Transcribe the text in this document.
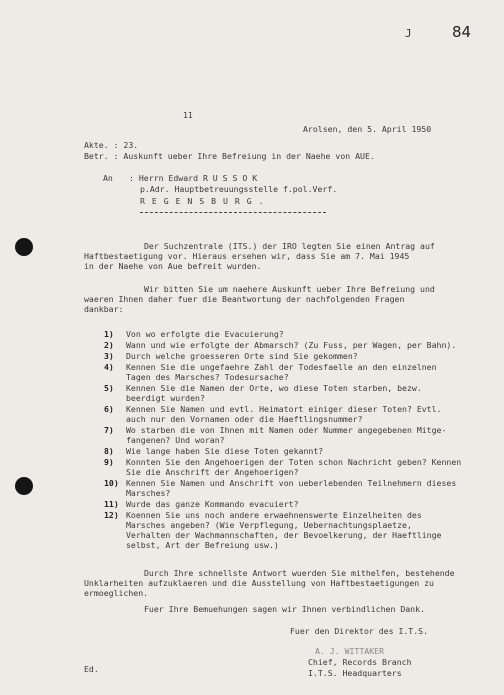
J	84
11
Arolsen, den 5. April 1950
Akte. : 23.
Betr. : Auskunft ueber Ihre Befreiung in der Naehe von AUE.
An : Herrn Edward R U S S O K
p.Adr. Hauptbetreuungsstelle f.pol.Verf.
R E G E N S B U R G .
Der Suchzentrale (ITS.) der IRO legten Sie einen Antrag auf
Haftbestaetigung vor. Hieraus ersehen wir, dass Sie am 7. Mai 1945
in der Naehe von Aue befreit wurden.
Wir bitten Sie um naehere Auskunft ueber Ihre Befreiung und
waeren Ihnen daher fuer die Beantwortung der nachfolgenden Fragen
dankbar:
1) Von wo erfolgte die Evacuierung?
2) Wann und wie erfolgte der Abmarsch? (Zu Fuss, per Wagen, per Bahn).
3) Durch welche groesseren Orte sind Sie gekommen?
4) Kennen Sie die ungefaehre Zahl der Todesfaelle an den einzelnen
Tagen des Marsches? Todesursache?
5) Kennen Sie die Namen der Orte, wo diese Toten starben, bezw.
beerdigt wurden?
6) Kennen Sie Namen und evtl. Heimatort einiger dieser Toten? Evtl.
auch nur den Vornamen oder die Haeftlingsnummer?
7) Wo starben die von Ihnen mit Namen oder Nummer angegebenen Mitge-
fangenen? Und woran?
8) Wie lange haben Sie diese Toten gekannt?
9) Konnten Sie den Angehoerigen der Toten schon Nachricht geben? Kennen
Sie die Anschrift der Angehoerigen?
10) Kennen Sie Namen und Anschrift von ueberlebenden Teilnehmern dieses
Marsches?
11) Wurde das ganze Kommando evacuiert?
12) Koennen Sie uns noch andere erwaehnenswerte Einzelheiten des
Marsches angeben? (Wie Verpflegung, Uebernachtungsplaetze,
Verhalten der Wachmannschaften, der Bevoelkerung, der Haeftlinge
selbst, Art der Befreiung usw.)
Durch Ihre schnellste Antwort wuerden Sie mithelfen, bestehende
Unklarheiten aufzuklaeren und die Ausstellung von Haftbestaetigungen zu
ermoeglichen.
Fuer Ihre Bemuehungen sagen wir Ihnen verbindlichen Dank.
Fuer den Direktor des I.T.S.
A. J. WITTAKER
Chief, Records Branch
I.T.S. Headquarters
Ed.
